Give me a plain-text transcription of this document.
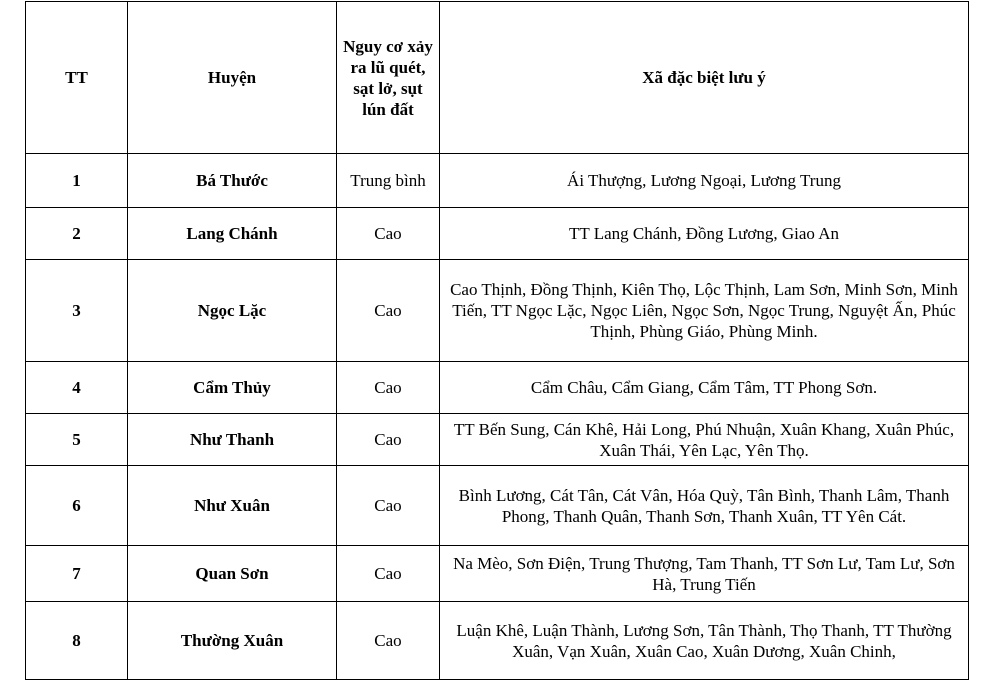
TT	Huyện	Nguy cơ xảy ra lũ quét, sạt lở, sụt lún đất	Xã đặc biệt lưu ý
1	Bá Thước	Trung bình	Ái Thượng, Lương Ngoại, Lương Trung
2	Lang Chánh	Cao	TT Lang Chánh, Đồng Lương, Giao An
3	Ngọc Lặc	Cao	Cao Thịnh, Đồng Thịnh, Kiên Thọ, Lộc Thịnh, Lam Sơn, Minh Sơn, Minh Tiến, TT Ngọc Lặc, Ngọc Liên, Ngọc Sơn, Ngọc Trung, Nguyệt Ấn, Phúc Thịnh, Phùng Giáo, Phùng Minh.
4	Cẩm Thủy	Cao	Cẩm Châu, Cẩm Giang, Cẩm Tâm, TT Phong Sơn.
5	Như Thanh	Cao	TT Bến Sung, Cán Khê, Hải Long, Phú Nhuận, Xuân Khang, Xuân Phúc, Xuân Thái, Yên Lạc, Yên Thọ.
6	Như Xuân	Cao	Bình Lương, Cát Tân, Cát Vân, Hóa Quỳ, Tân Bình, Thanh Lâm, Thanh Phong, Thanh Quân, Thanh Sơn, Thanh Xuân, TT Yên Cát.
7	Quan Sơn	Cao	Na Mèo, Sơn Điện, Trung Thượng, Tam Thanh, TT Sơn Lư, Tam Lư, Sơn Hà, Trung Tiến
8	Thường Xuân	Cao	Luận Khê, Luận Thành, Lương Sơn, Tân Thành, Thọ Thanh, TT Thường Xuân, Vạn Xuân, Xuân Cao, Xuân Dương, Xuân Chinh,
